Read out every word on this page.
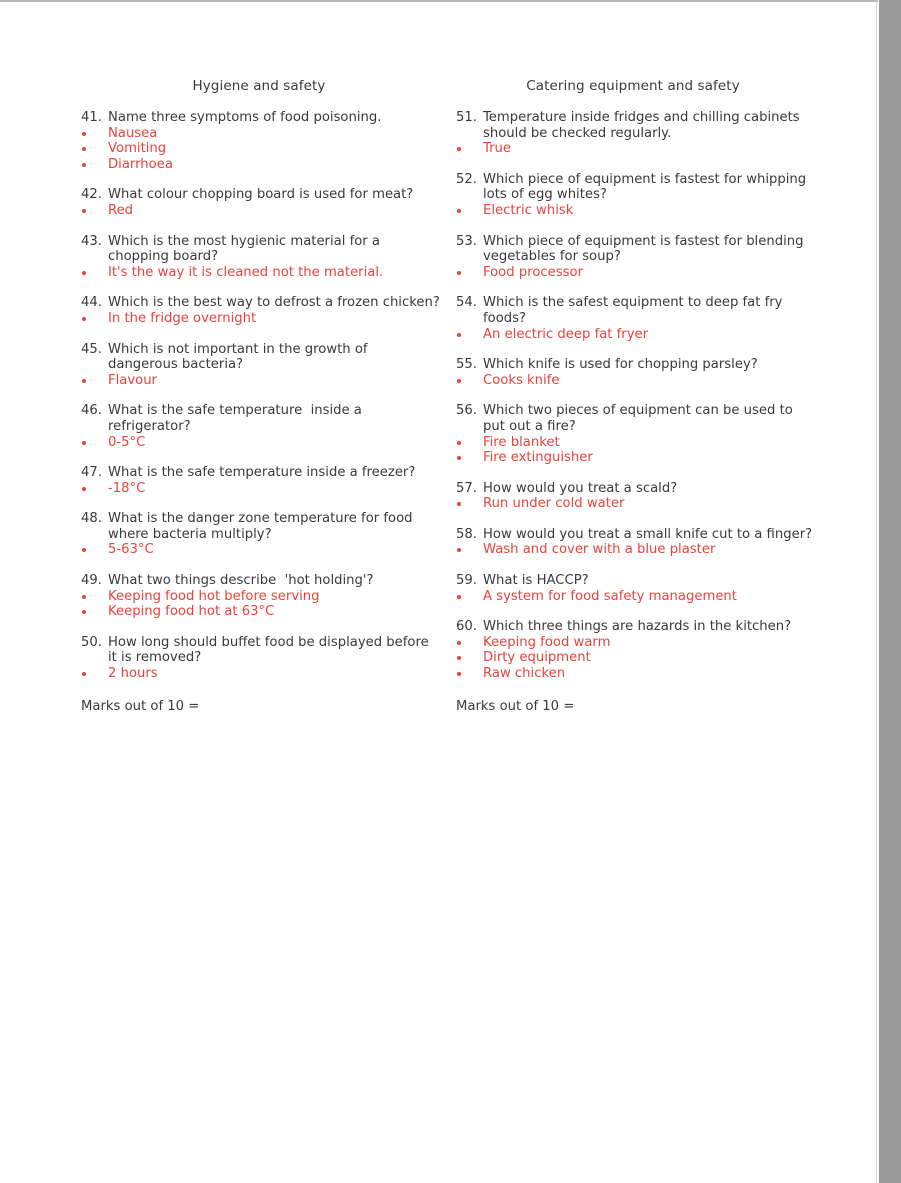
Hygiene and safety
41. Name three symptoms of food poisoning.
Nausea
Vomiting
Diarrhoea
42. What colour chopping board is used for meat?
Red
43. Which is the most hygienic material for a chopping board?
It's the way it is cleaned not the material.
44. Which is the best way to defrost a frozen chicken?
In the fridge overnight
45. Which is not important in the growth of dangerous bacteria?
Flavour
46. What is the safe temperature  inside a refrigerator?
0-5°C
47. What is the safe temperature inside a freezer?
-18°C
48. What is the danger zone temperature for food where bacteria multiply?
5-63°C
49. What two things describe  'hot holding'?
Keeping food hot before serving
Keeping food hot at 63°C
50. How long should buffet food be displayed before it is removed?
2 hours
Marks out of 10 =
Catering equipment and safety
51. Temperature inside fridges and chilling cabinets should be checked regularly.
True
52. Which piece of equipment is fastest for whipping lots of egg whites?
Electric whisk
53. Which piece of equipment is fastest for blending vegetables for soup?
Food processor
54. Which is the safest equipment to deep fat fry foods?
An electric deep fat fryer
55. Which knife is used for chopping parsley?
Cooks knife
56. Which two pieces of equipment can be used to put out a fire?
Fire blanket
Fire extinguisher
57. How would you treat a scald?
Run under cold water
58. How would you treat a small knife cut to a finger?
Wash and cover with a blue plaster
59. What is HACCP?
A system for food safety management
60. Which three things are hazards in the kitchen?
Keeping food warm
Dirty equipment
Raw chicken
Marks out of 10 =
